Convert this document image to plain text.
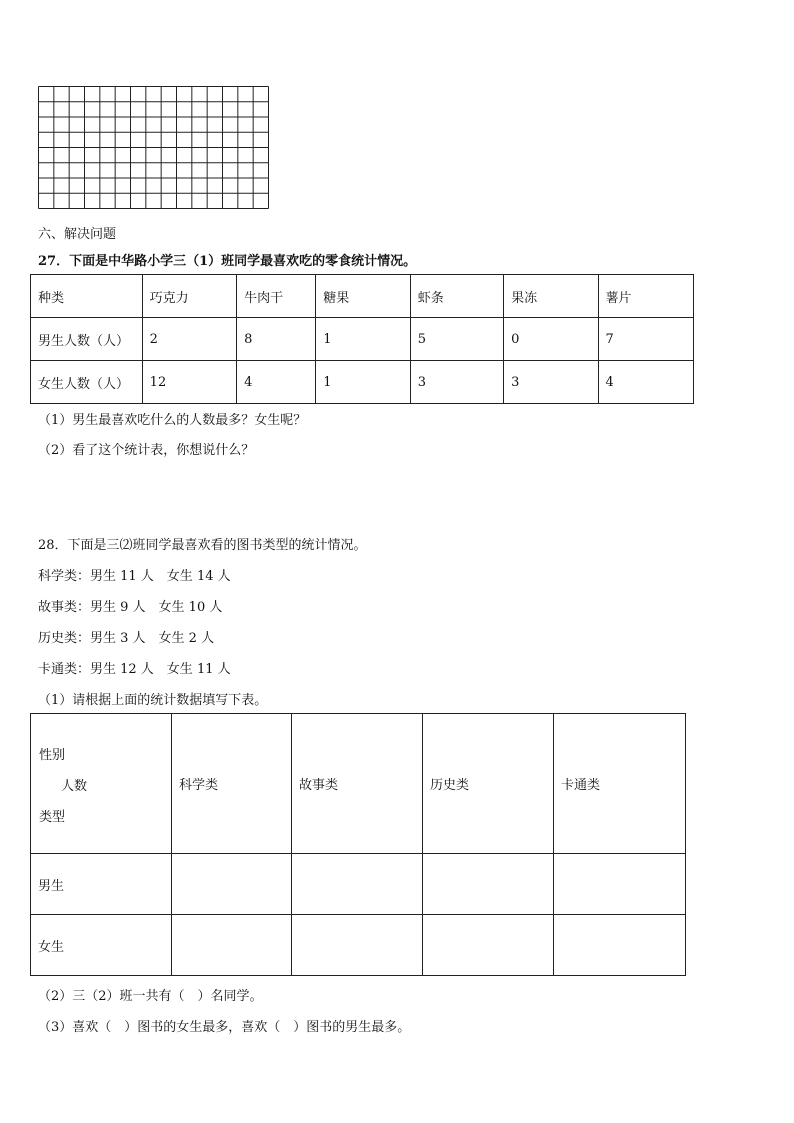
六、解决问题
27．下面是中华路小学三（1）班同学最喜欢吃的零食统计情况。
种类	巧克力	牛肉干	糖果	虾条	果冻	薯片
男生人数（人）	2	8	1	5	0	7
女生人数（人）	12	4	1	3	3	4
（1）男生最喜欢吃什么的人数最多？女生呢？
（2）看了这个统计表，你想说什么？
28．下面是三⑵班同学最喜欢看的图书类型的统计情况。
科学类：男生 11 人　女生 14 人
故事类：男生 9 人　女生 10 人
历史类：男生 3 人　女生 2 人
卡通类：男生 12 人　女生 11 人
（1）请根据上面的统计数据填写下表。
性别
人数
类型	科学类	故事类	历史类	卡通类
男生				
女生				
（2）三（2）班一共有（　）名同学。
（3）喜欢（　）图书的女生最多，喜欢（　）图书的男生最多。
